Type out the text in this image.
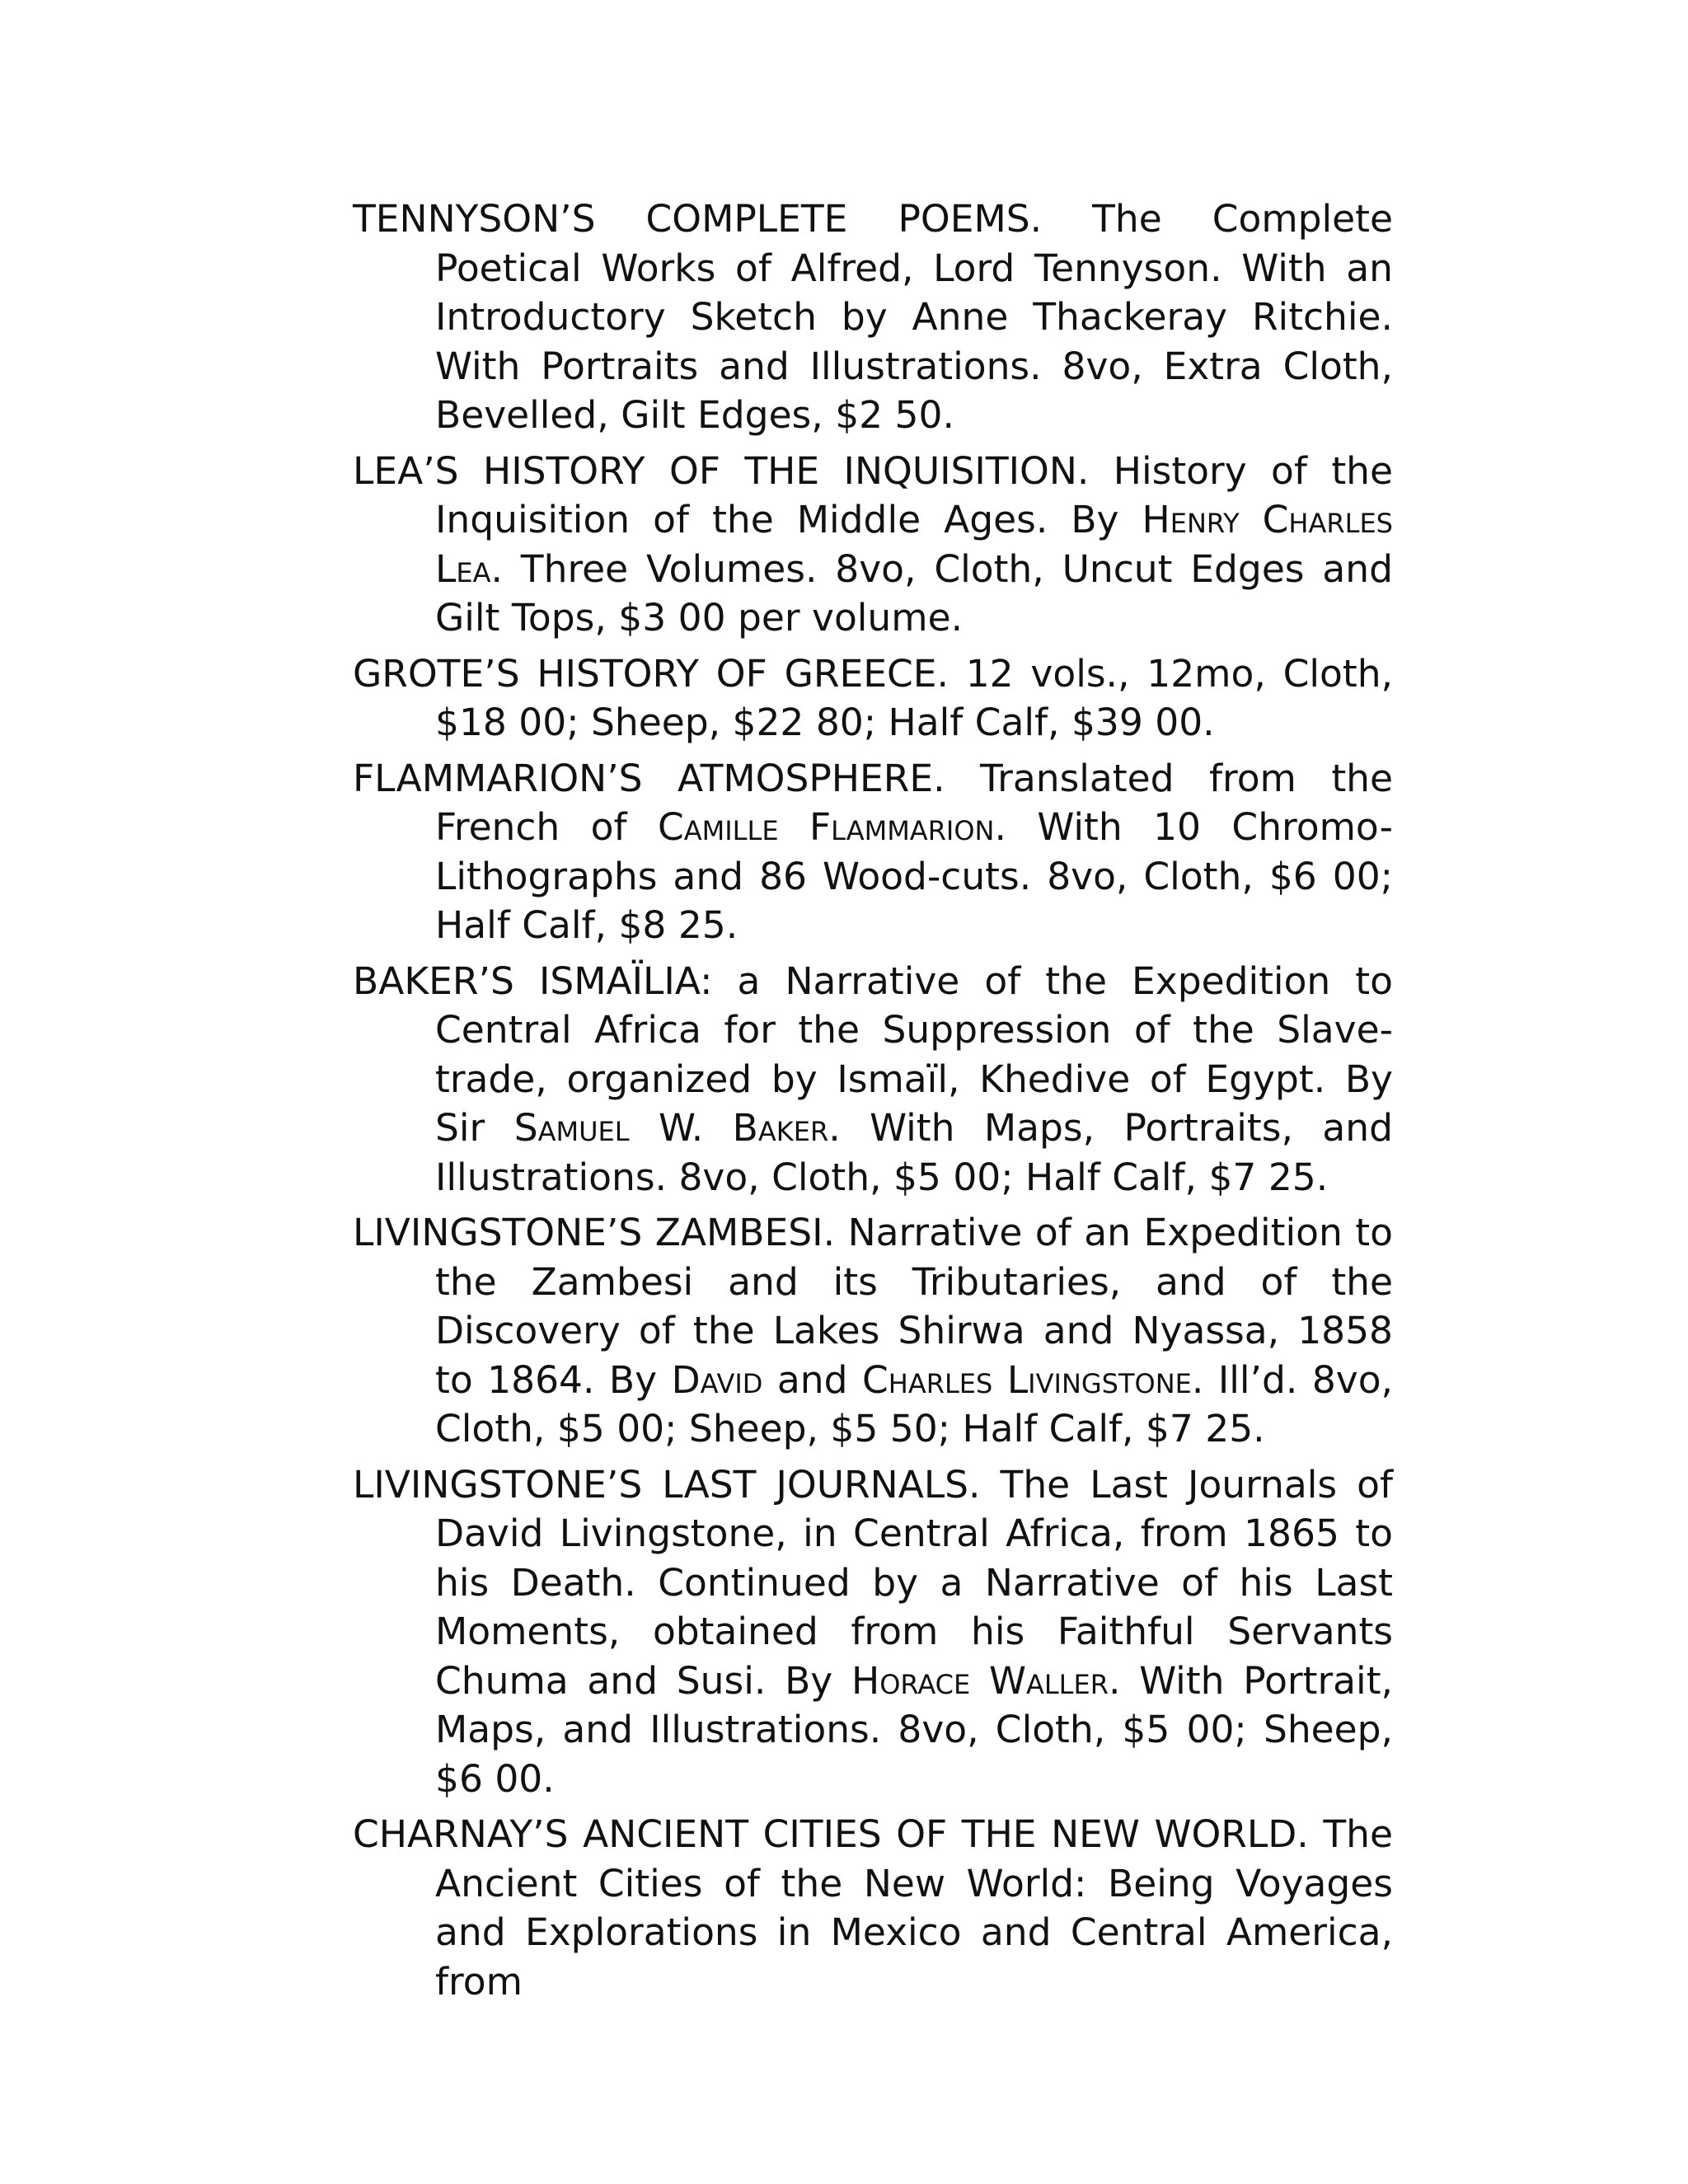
TENNYSON’S COMPLETE POEMS. The Complete Poetical Works of Alfred, Lord Tennyson. With an Introductory Sketch by Anne Thackeray Ritchie. With Portraits and Illustrations. 8vo, Extra Cloth, Bevelled, Gilt Edges, $2 50.

LEA’S HISTORY OF THE INQUISITION. History of the Inquisition of the Middle Ages. By Henry Charles Lea. Three Volumes. 8vo, Cloth, Uncut Edges and Gilt Tops, $3 00 per volume.

GROTE’S HISTORY OF GREECE. 12 vols., 12mo, Cloth, $18 00; Sheep, $22 80; Half Calf, $39 00.

FLAMMARION’S ATMOSPHERE. Translated from the French of Camille Flammarion. With 10 Chromo-Lithographs and 86 Wood-cuts. 8vo, Cloth, $6 00; Half Calf, $8 25.

BAKER’S ISMAÏLIA: a Narrative of the Expedition to Central Africa for the Suppression of the Slave-trade, organized by Ismaïl, Khedive of Egypt. By Sir Samuel W. Baker. With Maps, Portraits, and Illustrations. 8vo, Cloth, $5 00; Half Calf, $7 25.

LIVINGSTONE’S ZAMBESI. Narrative of an Expedition to the Zambesi and its Tributaries, and of the Discovery of the Lakes Shirwa and Nyassa, 1858 to 1864. By David and Charles Livingstone. Ill’d. 8vo, Cloth, $5 00; Sheep, $5 50; Half Calf, $7 25.

LIVINGSTONE’S LAST JOURNALS. The Last Journals of David Livingstone, in Central Africa, from 1865 to his Death. Continued by a Narrative of his Last Moments, obtained from his Faithful Servants Chuma and Susi. By Horace Waller. With Portrait, Maps, and Illustrations. 8vo, Cloth, $5 00; Sheep, $6 00.

CHARNAY’S ANCIENT CITIES OF THE NEW WORLD. The Ancient Cities of the New World: Being Voyages and Explorations in Mexico and Central America, from
